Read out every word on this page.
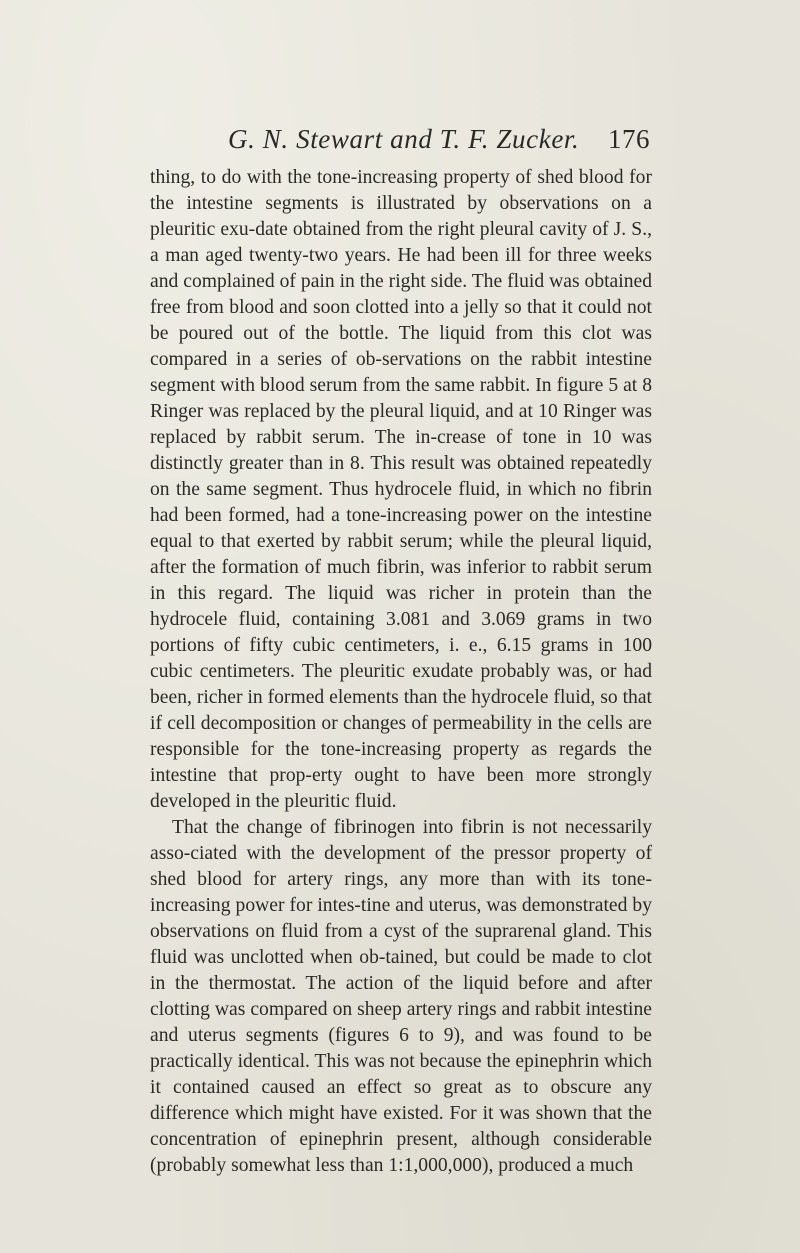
G. N. Stewart and T. F. Zucker. 176

thing, to do with the tone-increasing property of shed blood for the intestine segments is illustrated by observations on a pleuritic exu-date obtained from the right pleural cavity of J. S., a man aged twenty-two years. He had been ill for three weeks and complained of pain in the right side. The fluid was obtained free from blood and soon clotted into a jelly so that it could not be poured out of the bottle. The liquid from this clot was compared in a series of ob-servations on the rabbit intestine segment with blood serum from the same rabbit. In figure 5 at 8 Ringer was replaced by the pleural liquid, and at 10 Ringer was replaced by rabbit serum. The in-crease of tone in 10 was distinctly greater than in 8. This result was obtained repeatedly on the same segment. Thus hydrocele fluid, in which no fibrin had been formed, had a tone-increasing power on the intestine equal to that exerted by rabbit serum; while the pleural liquid, after the formation of much fibrin, was inferior to rabbit serum in this regard. The liquid was richer in protein than the hydrocele fluid, containing 3.081 and 3.069 grams in two portions of fifty cubic centimeters, i. e., 6.15 grams in 100 cubic centimeters. The pleuritic exudate probably was, or had been, richer in formed elements than the hydrocele fluid, so that if cell decomposition or changes of permeability in the cells are responsible for the tone-increasing property as regards the intestine that prop-erty ought to have been more strongly developed in the pleuritic fluid.

That the change of fibrinogen into fibrin is not necessarily asso-ciated with the development of the pressor property of shed blood for artery rings, any more than with its tone-increasing power for intes-tine and uterus, was demonstrated by observations on fluid from a cyst of the suprarenal gland. This fluid was unclotted when ob-tained, but could be made to clot in the thermostat. The action of the liquid before and after clotting was compared on sheep artery rings and rabbit intestine and uterus segments (figures 6 to 9), and was found to be practically identical. This was not because the epinephrin which it contained caused an effect so great as to obscure any difference which might have existed. For it was shown that the concentration of epinephrin present, although considerable (probably somewhat less than 1:1,000,000), produced a much
